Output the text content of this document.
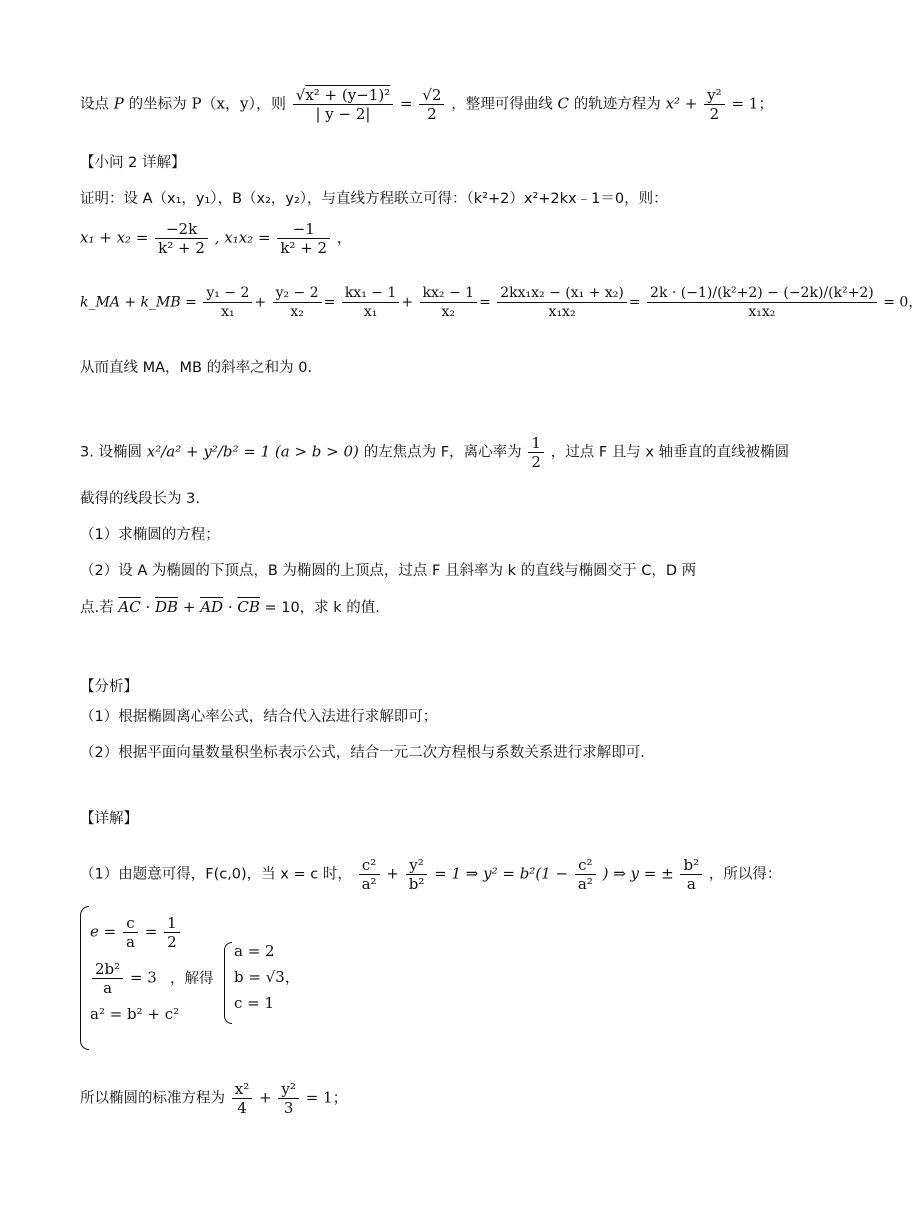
设点 P 的坐标为 P（x，y），则 $\frac{\text{√x² + (y−1)²}}{| y - 2|} = \frac{√2}{2}$ ，整理可得曲线 C 的轨迹方程为 $x^2 + \frac{\text{y²}}{2} = 1$；
【小问 2 详解】
证明：设 A（x₁，y₁），B（x₂，y₂），与直线方程联立可得：（k²+2）x²+2kx﹣1＝0，则：
$x_1 + x_2 = \frac{-2k}{\text{k² + 2}}$ , $x_1x_2 = \frac{-1}{\text{k² + 2}}$ ，
k_MA + k_MB = $\frac{\text{y₁ − 2}}{\text{x₁}} + \frac{\text{y₂ − 2}}{\text{x₂}} = \frac{\text{kx₁ − 1}}{\text{x₁}} + \frac{\text{kx₂ − 1}}{\text{x₂}} = \frac{\text{2kx₁x₂ − (x₁ + x₂)}}{\text{x₁x₂}} = \frac{\text{2k · (−1)/(k²+2) − (−2k)/(k²+2)}}{\text{x₁x₂}} = 0$，
从而直线 MA，MB 的斜率之和为 0.
3. 设椭圆 x²/a² + y²/b² = 1 (a > b > 0) 的左焦点为 F，离心率为 $\frac{1}{2}$ ，过点 F 且与 x 轴垂直的直线被椭圆
截得的线段长为 3.
（1）求椭圆的方程；
（2）设 A 为椭圆的下顶点，B 为椭圆的上顶点，过点 F 且斜率为 k 的直线与椭圆交于 C，D 两
点.若 $\overline{AC} \cdot \overline{DB} + \overline{AD} \cdot \overline{CB} = 10$，求 k 的值.
【分析】
（1）根据椭圆离心率公式，结合代入法进行求解即可；
（2）根据平面向量数量积坐标表示公式，结合一元二次方程根与系数关系进行求解即可.
【详解】
（1）由题意可得，F(c,0)，当 x = c 时， $\frac{\text{c²}}{\text{a²}} + \frac{\text{y²}}{\text{b²}} = 1$ ⇒ $y^2 = b^2(1 - \frac{\text{c²}}{\text{a²}}$ ) ⇒ y = ± $\frac{\text{b²}}{a}$ ，所以得：
$e = \frac{c}{a} = \frac{1}{2}$
$\frac{\text{2b²}}{a} = 3$
a² = b² + c²
，解得
a = 2
b = √3，
c = 1
所以椭圆的标准方程为 $\frac{\text{x²}}{4} + \frac{\text{y²}}{3} = 1$；
